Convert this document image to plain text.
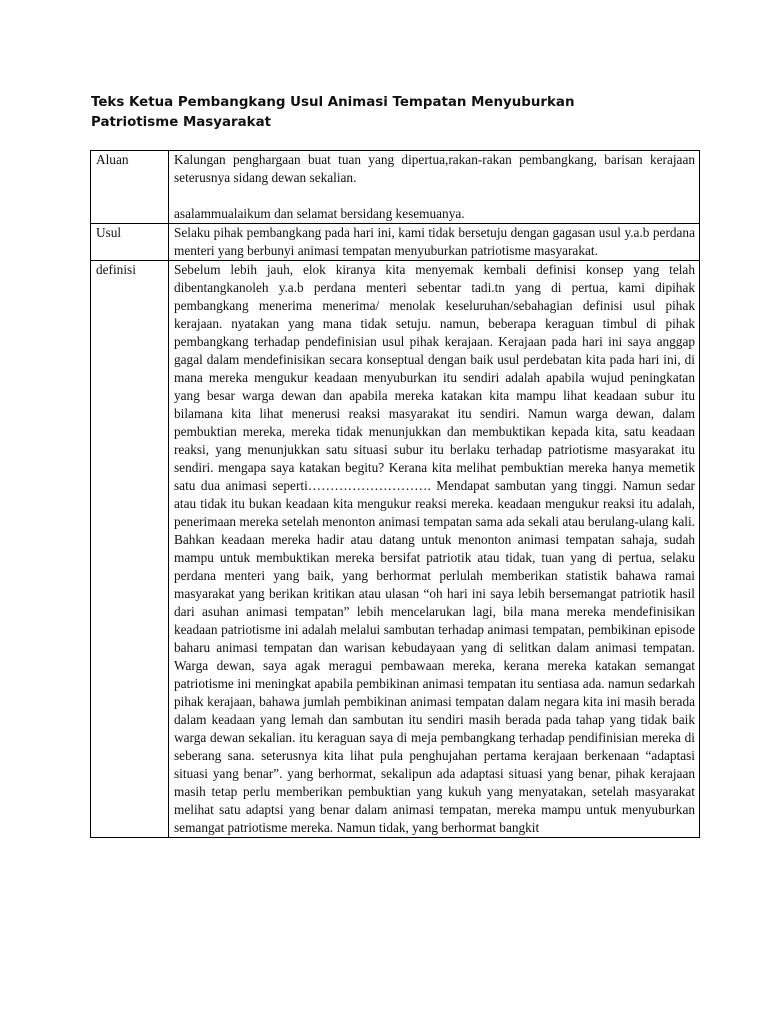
Teks Ketua Pembangkang Usul Animasi Tempatan Menyuburkan Patriotisme Masyarakat
Aluan	Kalungan penghargaan buat tuan yang dipertua,rakan-rakan pembangkang, barisan kerajaan seterusnya sidang dewan sekalian.
asalammualaikum dan selamat bersidang kesemuanya.

Usul	Selaku pihak pembangkang pada hari ini, kami tidak bersetuju dengan gagasan usul y.a.b perdana menteri yang berbunyi animasi tempatan menyuburkan patriotisme masyarakat.

definisi	Sebelum lebih jauh, elok kiranya kita menyemak kembali definisi konsep yang telah dibentangkanoleh y.a.b perdana menteri sebentar tadi.tn yang di pertua, kami dipihak pembangkang menerima menerima/ menolak keseluruhan/sebahagian definisi usul pihak kerajaan. nyatakan yang mana tidak setuju. namun, beberapa keraguan timbul di pihak pembangkang terhadap pendefinisian usul pihak kerajaan. Kerajaan pada hari ini saya anggap gagal dalam mendefinisikan secara konseptual dengan baik usul perdebatan kita pada hari ini, di mana mereka mengukur keadaan menyuburkan itu sendiri adalah apabila wujud peningkatan yang besar warga dewan dan apabila mereka katakan kita mampu lihat keadaan subur itu bilamana kita lihat menerusi reaksi masyarakat itu sendiri. Namun warga dewan, dalam pembuktian mereka, mereka tidak menunjukkan dan membuktikan kepada kita, satu keadaan reaksi, yang menunjukkan satu situasi subur itu berlaku terhadap patriotisme masyarakat itu sendiri. mengapa saya katakan begitu? Kerana kita melihat pembuktian mereka hanya memetik satu dua animasi seperti………………………. Mendapat sambutan yang tinggi. Namun sedar atau tidak itu bukan keadaan kita mengukur reaksi mereka. keadaan mengukur reaksi itu adalah, penerimaan mereka setelah menonton animasi tempatan sama ada sekali atau berulang-ulang kali. Bahkan keadaan mereka hadir atau datang untuk menonton animasi tempatan sahaja, sudah mampu untuk membuktikan mereka bersifat patriotik atau tidak, tuan yang di pertua, selaku perdana menteri yang baik, yang berhormat perlulah memberikan statistik bahawa ramai masyarakat yang berikan kritikan atau ulasan “oh hari ini saya lebih bersemangat patriotik hasil dari asuhan animasi tempatan” lebih mencelarukan lagi, bila mana mereka mendefinisikan keadaan patriotisme ini adalah melalui sambutan terhadap animasi tempatan, pembikinan episode baharu animasi tempatan dan warisan kebudayaan yang di selitkan dalam animasi tempatan. Warga dewan, saya agak meragui pembawaan mereka, kerana mereka katakan semangat patriotisme ini meningkat apabila pembikinan animasi tempatan itu sentiasa ada. namun sedarkah pihak kerajaan, bahawa jumlah pembikinan animasi tempatan dalam negara kita ini masih berada dalam keadaan yang lemah dan sambutan itu sendiri masih berada pada tahap yang tidak baik warga dewan sekalian. itu keraguan saya di meja pembangkang terhadap pendifinisian mereka di seberang sana. seterusnya kita lihat pula penghujahan pertama kerajaan berkenaan “adaptasi situasi yang benar”. yang berhormat, sekalipun ada adaptasi situasi yang benar, pihak kerajaan masih tetap perlu memberikan pembuktian yang kukuh yang menyatakan, setelah masyarakat melihat satu adaptsi yang benar dalam animasi tempatan, mereka mampu untuk menyuburkan semangat patriotisme mereka. Namun tidak, yang berhormat bangkit
